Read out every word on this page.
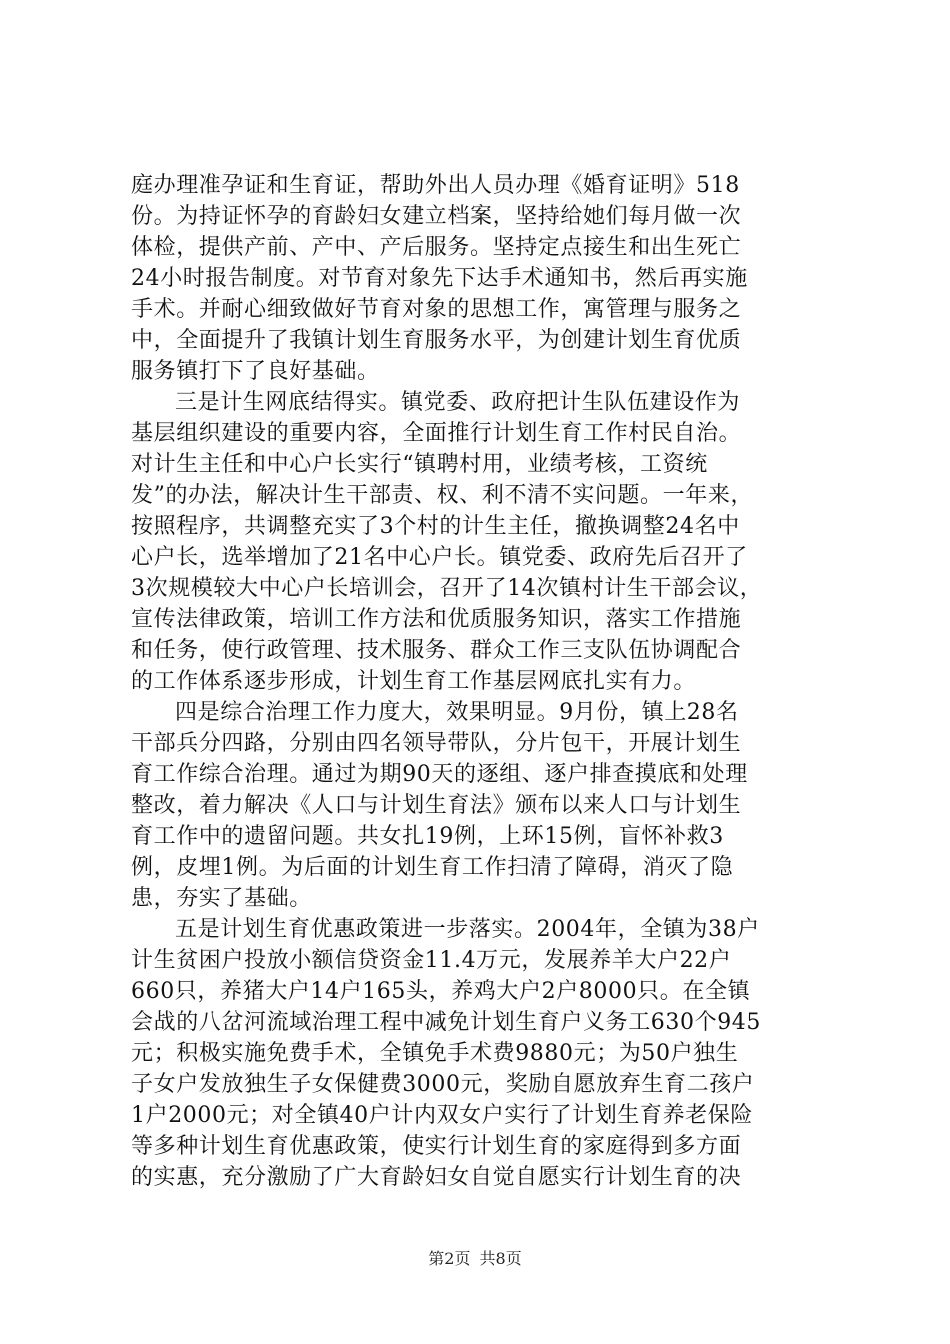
庭办理准孕证和生育证，帮助外出人员办理《婚育证明》518
份。为持证怀孕的育龄妇女建立档案，坚持给她们每月做一次
体检，提供产前、产中、产后服务。坚持定点接生和出生死亡
24小时报告制度。对节育对象先下达手术通知书，然后再实施
手术。并耐心细致做好节育对象的思想工作，寓管理与服务之
中，全面提升了我镇计划生育服务水平，为创建计划生育优质
服务镇打下了良好基础。
三是计生网底结得实。镇党委、政府把计生队伍建设作为
基层组织建设的重要内容，全面推行计划生育工作村民自治。
对计生主任和中心户长实行“镇聘村用，业绩考核，工资统
发”的办法，解决计生干部责、权、利不清不实问题。一年来，
按照程序，共调整充实了3个村的计生主任，撤换调整24名中
心户长，选举增加了21名中心户长。镇党委、政府先后召开了
3次规模较大中心户长培训会，召开了14次镇村计生干部会议，
宣传法律政策，培训工作方法和优质服务知识，落实工作措施
和任务，使行政管理、技术服务、群众工作三支队伍协调配合
的工作体系逐步形成，计划生育工作基层网底扎实有力。
四是综合治理工作力度大，效果明显。9月份，镇上28名
干部兵分四路，分别由四名领导带队，分片包干，开展计划生
育工作综合治理。通过为期90天的逐组、逐户排查摸底和处理
整改，着力解决《人口与计划生育法》颁布以来人口与计划生
育工作中的遗留问题。共女扎19例，上环15例，盲怀补救3
例，皮埋1例。为后面的计划生育工作扫清了障碍，消灭了隐
患，夯实了基础。
五是计划生育优惠政策进一步落实。2004年，全镇为38户
计生贫困户投放小额信贷资金11.4万元，发展养羊大户22户
660只，养猪大户14户165头，养鸡大户2户8000只。在全镇
会战的八岔河流域治理工程中减免计划生育户义务工630个945
元；积极实施免费手术，全镇免手术费9880元；为50户独生
子女户发放独生子女保健费3000元，奖励自愿放弃生育二孩户
1户2000元；对全镇40户计内双女户实行了计划生育养老保险
等多种计划生育优惠政策，使实行计划生育的家庭得到多方面
的实惠，充分激励了广大育龄妇女自觉自愿实行计划生育的决
第2页 共8页
